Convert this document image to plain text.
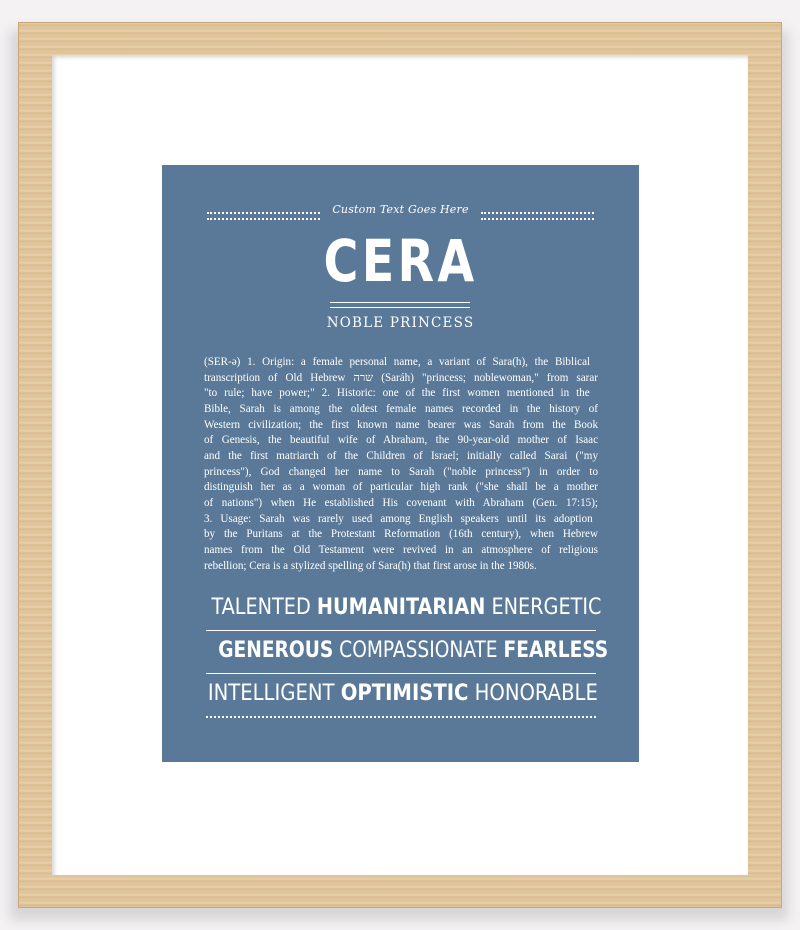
Custom Text Goes Here
CERA
NOBLE PRINCESS

(SER-ə) 1. Origin: a female personal name, a variant of Sara(h), the Biblical

transcription of Old Hebrew שרה (Saráh) "princess; noblewoman," from sarar

"to rule; have power;" 2. Historic: one of the first women mentioned in the

Bible, Sarah is among the oldest female names recorded in the history of

Western civilization; the first known name bearer was Sarah from the Book

of Genesis, the beautiful wife of Abraham, the 90-year-old mother of Isaac

and the first matriarch of the Children of Israel; initially called Sarai ("my

princess"), God changed her name to Sarah ("noble princess") in order to

distinguish her as a woman of particular high rank ("she shall be a mother

of nations") when He established His covenant with Abraham (Gen. 17:15);

3. Usage: Sarah was rarely used among English speakers until its adoption

by the Puritans at the Protestant Reformation (16th century), when Hebrew

names from the Old Testament were revived in an atmosphere of religious

rebellion; Cera is a stylized spelling of Sara(h) that first arose in the 1980s.

TALENTED HUMANITARIAN ENERGETIC
GENEROUS COMPASSIONATE FEARLESS
INTELLIGENT OPTIMISTIC HONORABLE
